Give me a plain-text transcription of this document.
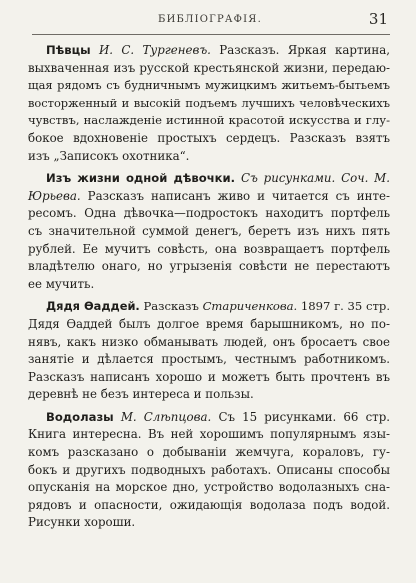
БИБЛІОГРАФІЯ.	31
Пѣвцы И. С. Тургеневъ. Разсказъ. Яркая картина,
выхваченная изъ русской крестьянской жизни, передаю-
щая рядомъ съ будничнымъ мужицкимъ житьемъ-бытьемъ
восторженный и высокій подъемъ лучшихъ человѣческихъ
чувствъ, наслажденіе истинной красотой искусства и глу-
бокое вдохновеніе простыхъ сердецъ. Разсказъ взятъ
изъ „Записокъ охотника“.
Изъ жизни одной дѣвочки. Съ рисунками. Соч. М.
Юрьева. Разсказъ написанъ живо и читается съ инте-
ресомъ. Одна дѣвочка—подростокъ находитъ портфель
съ значительной суммой денегъ, беретъ изъ нихъ пять
рублей. Ее мучитъ совѣсть, она возвращаетъ портфель
владѣтелю онаго, но угрызенія совѣсти не перестаютъ
ее мучить.
Дядя Ѳаддей. Разсказъ Стариченкова. 1897 г. 35 стр.
Дядя Ѳаддей былъ долгое время барышникомъ, но по-
нявъ, какъ низко обманывать людей, онъ бросаетъ свое
занятіе и дѣлается простымъ, честнымъ работникомъ.
Разсказъ написанъ хорошо и можетъ быть прочтенъ въ
деревнѣ не безъ интереса и пользы.
Водолазы М. Слѣпцова. Съ 15 рисунками. 66 стр.
Книга интересна. Въ ней хорошимъ популярнымъ язы-
комъ разсказано о добываніи жемчуга, кораловъ, гу-
бокъ и другихъ подводныхъ работахъ. Описаны способы
опусканія на морское дно, устройство водолазныхъ сна-
рядовъ и опасности, ожидающія водолаза подъ водой.
Рисунки хороши.
